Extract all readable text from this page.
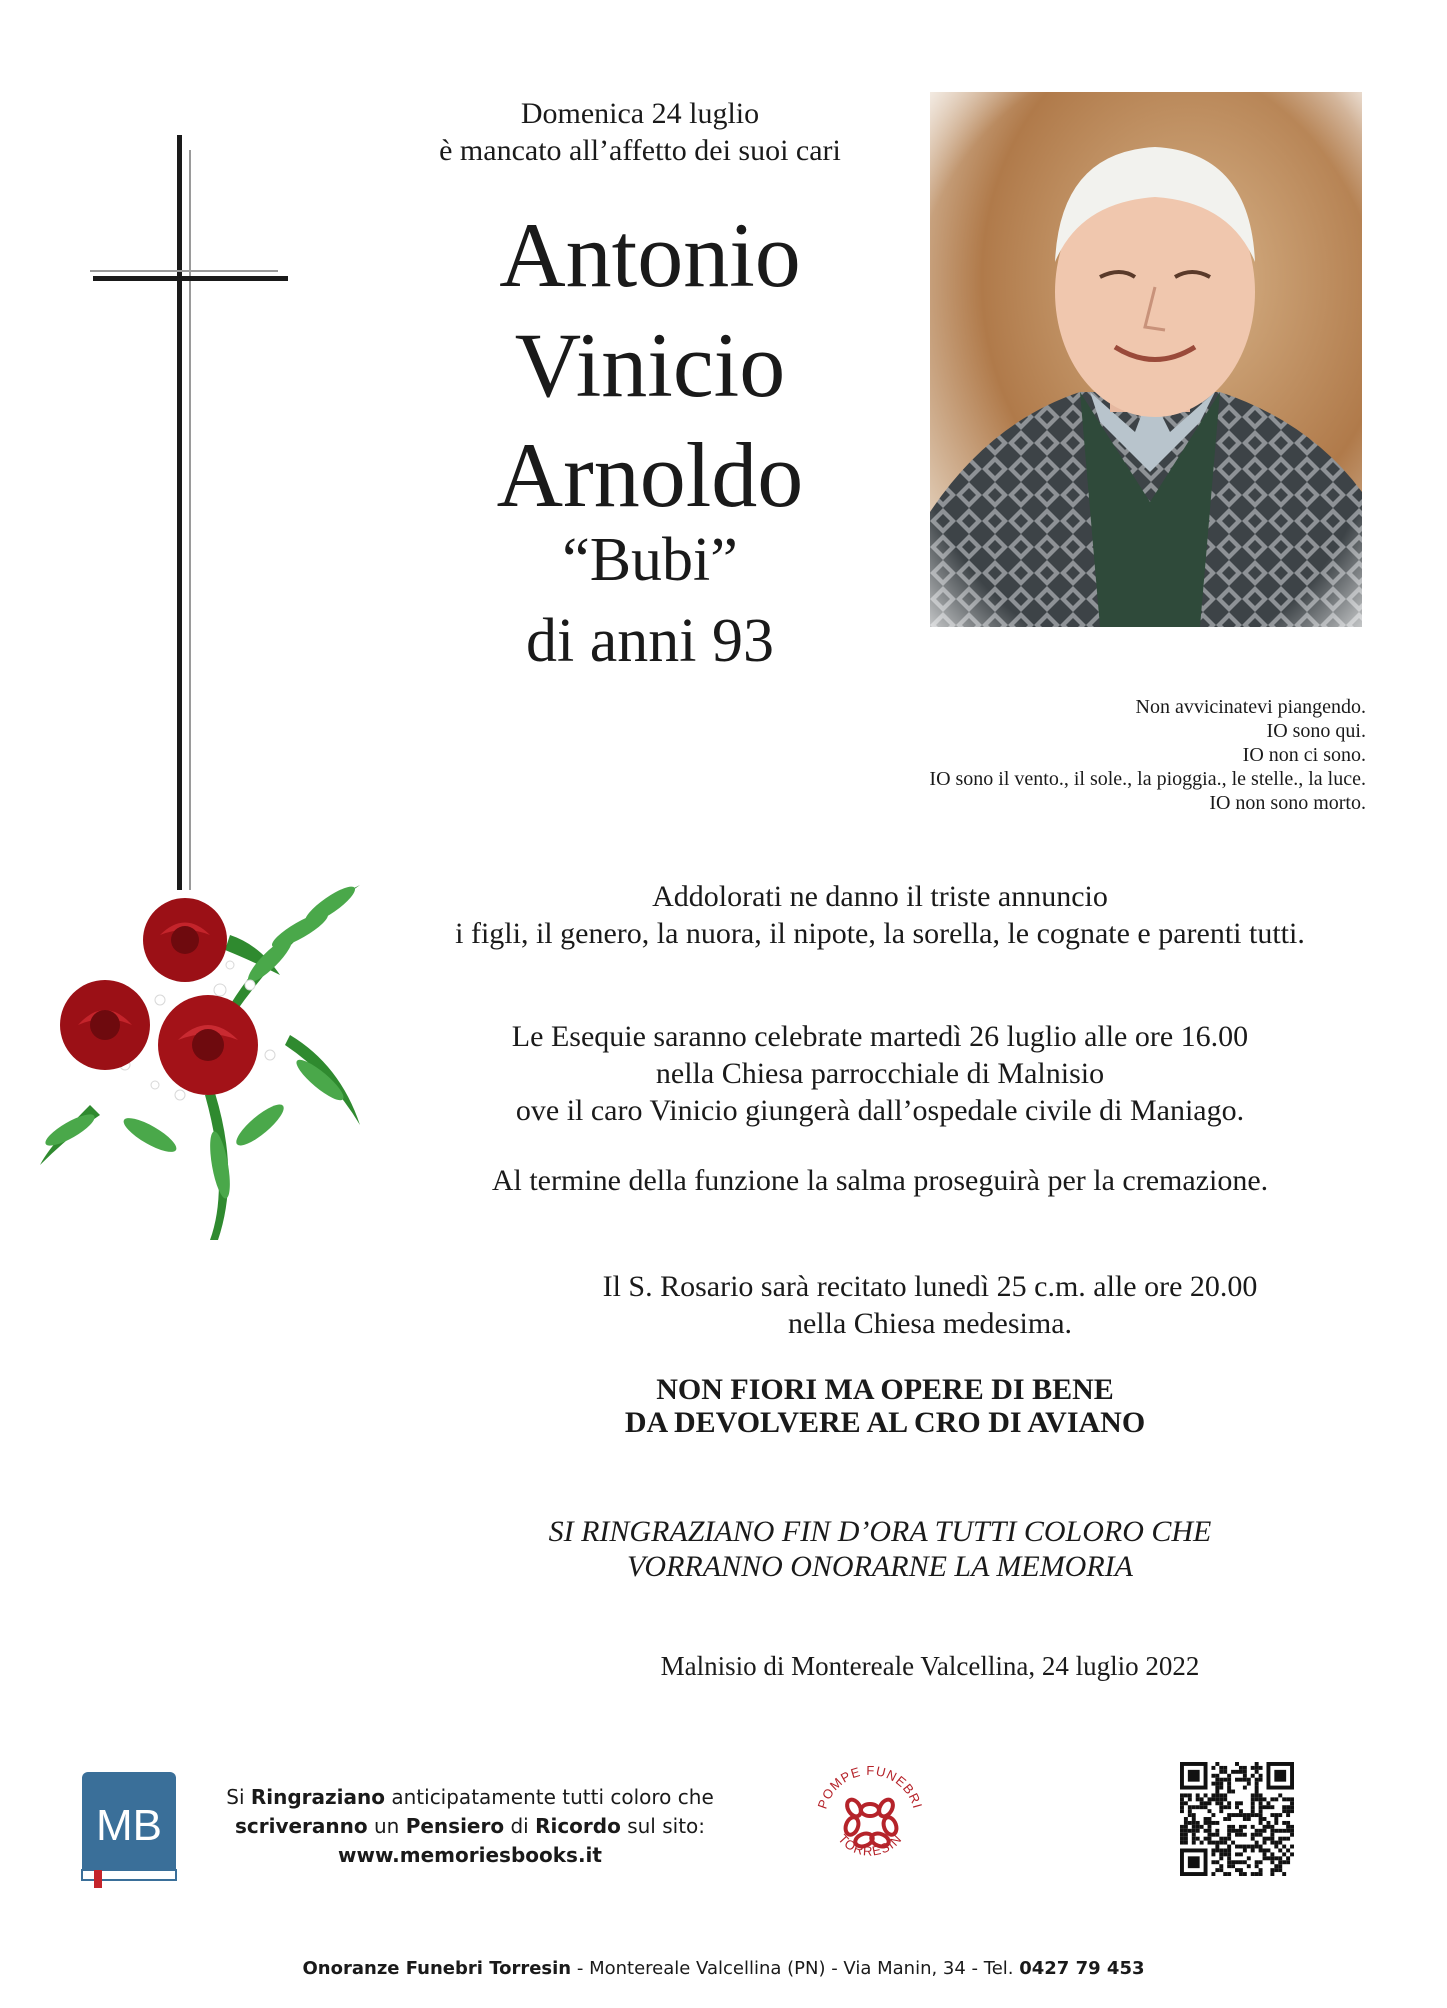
Domenica 24 luglio
è mancato all’affetto dei suoi cari
Antonio
Vinicio
Arnoldo
“Bubi”
di anni 93
Non avvicinatevi piangendo.
IO sono qui.
IO non ci sono.
IO sono il vento., il sole., la pioggia., le stelle., la luce.
IO non sono morto.
Addolorati ne danno il triste annuncio
i figli, il genero, la nuora, il nipote, la sorella, le cognate e parenti tutti.
Le Esequie saranno celebrate martedì 26 luglio alle ore 16.00
nella Chiesa parrocchiale di Malnisio
ove il caro Vinicio giungerà dall’ospedale civile di Maniago.
Al termine della funzione la salma proseguirà per la cremazione.
Il S. Rosario sarà recitato lunedì 25 c.m. alle ore 20.00
nella Chiesa medesima.
NON FIORI MA OPERE DI BENE
DA DEVOLVERE AL CRO DI AVIANO
SI RINGRAZIANO FIN D’ORA TUTTI COLORO CHE
VORRANNO ONORARNE LA MEMORIA
Malnisio di Montereale Valcellina, 24 luglio 2022
MB
Si Ringraziano anticipatamente tutti coloro che
scriveranno un Pensiero di Ricordo sul sito:
www.memoriesbooks.it
POMPE FUNEBRI
TORRESIN
Onoranze Funebri Torresin - Montereale Valcellina (PN) - Via Manin, 34 - Tel. 0427 79 453
